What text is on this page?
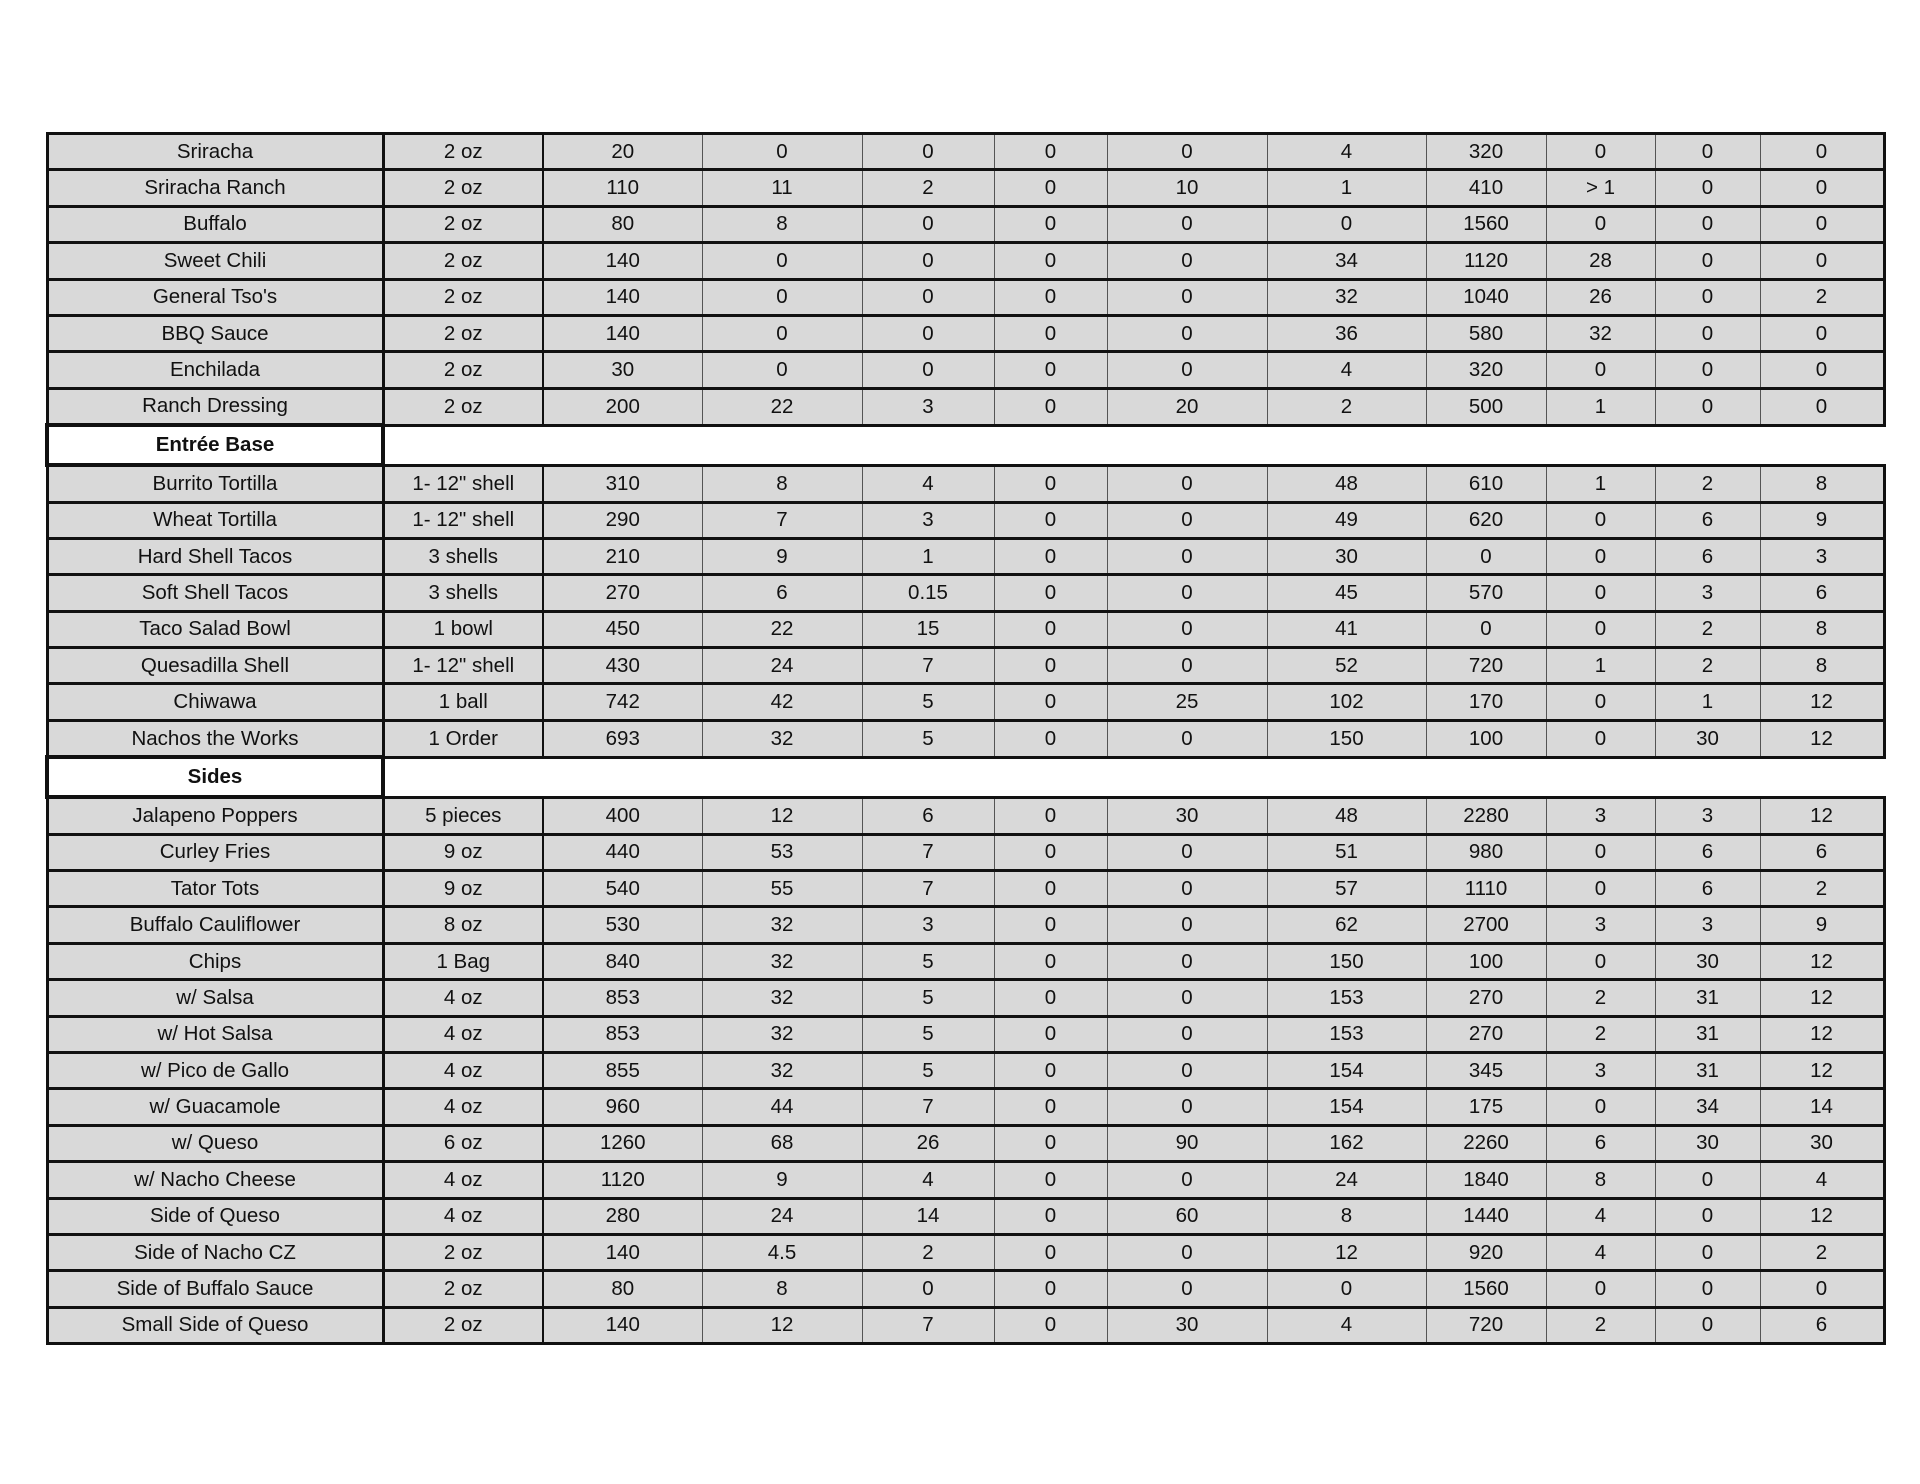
Sriracha	2 oz	20	0	0	0	0	4	320	0	0	0
Sriracha Ranch	2 oz	110	11	2	0	10	1	410	> 1	0	0
Buffalo	2 oz	80	8	0	0	0	0	1560	0	0	0
Sweet Chili	2 oz	140	0	0	0	0	34	1120	28	0	0
General Tso's	2 oz	140	0	0	0	0	32	1040	26	0	2
BBQ Sauce	2 oz	140	0	0	0	0	36	580	32	0	0
Enchilada	2 oz	30	0	0	0	0	4	320	0	0	0
Ranch Dressing	2 oz	200	22	3	0	20	2	500	1	0	0
Entrée Base											
Burrito Tortilla	1- 12" shell	310	8	4	0	0	48	610	1	2	8
Wheat Tortilla	1- 12" shell	290	7	3	0	0	49	620	0	6	9
Hard Shell Tacos	3 shells	210	9	1	0	0	30	0	0	6	3
Soft Shell Tacos	3 shells	270	6	0.15	0	0	45	570	0	3	6
Taco Salad Bowl	1 bowl	450	22	15	0	0	41	0	0	2	8
Quesadilla Shell	1- 12" shell	430	24	7	0	0	52	720	1	2	8
Chiwawa	1 ball	742	42	5	0	25	102	170	0	1	12
Nachos the Works	1 Order	693	32	5	0	0	150	100	0	30	12
Sides											
Jalapeno Poppers	5 pieces	400	12	6	0	30	48	2280	3	3	12
Curley Fries	9 oz	440	53	7	0	0	51	980	0	6	6
Tator Tots	9 oz	540	55	7	0	0	57	1110	0	6	2
Buffalo Cauliflower	8 oz	530	32	3	0	0	62	2700	3	3	9
Chips	1 Bag	840	32	5	0	0	150	100	0	30	12
w/ Salsa	4 oz	853	32	5	0	0	153	270	2	31	12
w/ Hot Salsa	4 oz	853	32	5	0	0	153	270	2	31	12
w/ Pico de Gallo	4 oz	855	32	5	0	0	154	345	3	31	12
w/ Guacamole	4 oz	960	44	7	0	0	154	175	0	34	14
w/ Queso	6 oz	1260	68	26	0	90	162	2260	6	30	30
w/ Nacho Cheese	4 oz	1120	9	4	0	0	24	1840	8	0	4
Side of Queso	4 oz	280	24	14	0	60	8	1440	4	0	12
Side of Nacho CZ	2 oz	140	4.5	2	0	0	12	920	4	0	2
Side of Buffalo Sauce	2 oz	80	8	0	0	0	0	1560	0	0	0
Small Side of Queso	2 oz	140	12	7	0	30	4	720	2	0	6
